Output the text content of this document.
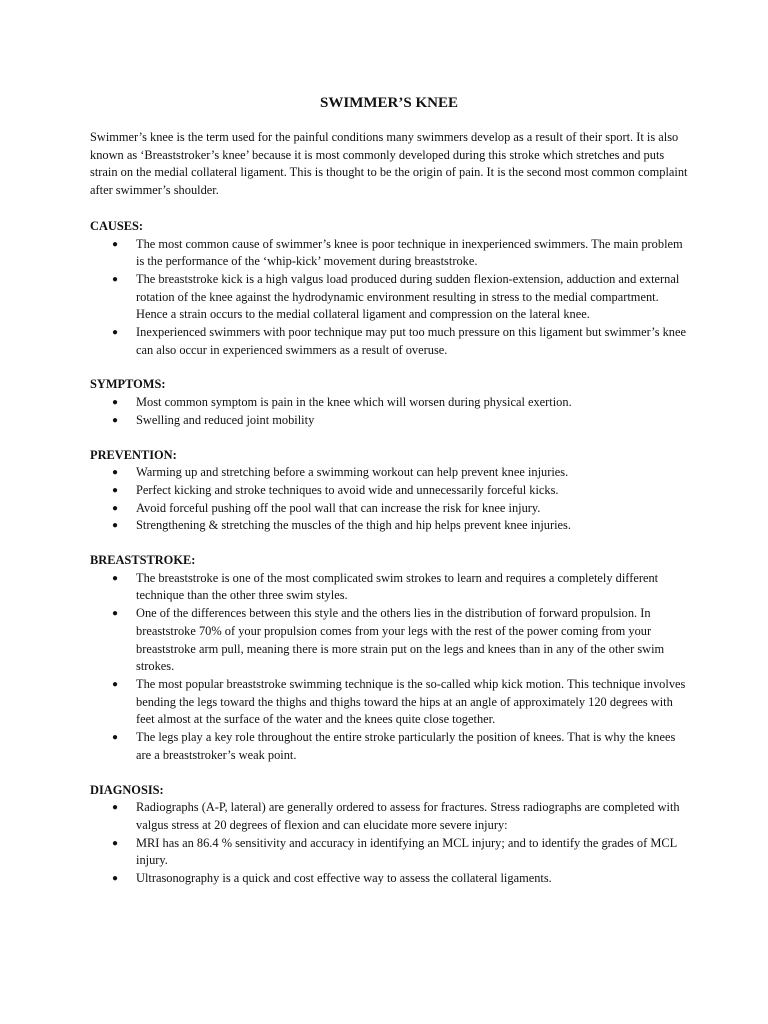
SWIMMER’S KNEE

Swimmer’s knee is the term used for the painful conditions many swimmers develop as a result of their sport. It is also known as ‘Breaststroker’s knee’ because it is most commonly developed during this stroke which stretches and puts strain on the medial collateral ligament. This is thought to be the origin of pain. It is the second most common complaint after swimmer’s shoulder.

CAUSES:

● The most common cause of swimmer’s knee is poor technique in inexperienced swimmers. The main problem is the performance of the ‘whip-kick’ movement during breaststroke.
● The breaststroke kick is a high valgus load produced during sudden flexion-extension, adduction and external rotation of the knee against the hydrodynamic environment resulting in stress to the medial compartment. Hence a strain occurs to the medial collateral ligament and compression on the lateral knee.
● Inexperienced swimmers with poor technique may put too much pressure on this ligament but swimmer’s knee can also occur in experienced swimmers as a result of overuse.

SYMPTOMS:

● Most common symptom is pain in the knee which will worsen during physical exertion.
● Swelling and reduced joint mobility

PREVENTION:

● Warming up and stretching before a swimming workout can help prevent knee injuries.
● Perfect kicking and stroke techniques to avoid wide and unnecessarily forceful kicks.
● Avoid forceful pushing off the pool wall that can increase the risk for knee injury.
● Strengthening & stretching the muscles of the thigh and hip helps prevent knee injuries.

BREASTSTROKE:

● The breaststroke is one of the most complicated swim strokes to learn and requires a completely different technique than the other three swim styles.
● One of the differences between this style and the others lies in the distribution of forward propulsion. In breaststroke 70% of your propulsion comes from your legs with the rest of the power coming from your breaststroke arm pull, meaning there is more strain put on the legs and knees than in any of the other swim strokes.
● The most popular breaststroke swimming technique is the so-called whip kick motion. This technique involves bending the legs toward the thighs and thighs toward the hips at an angle of approximately 120 degrees with feet almost at the surface of the water and the knees quite close together.
● The legs play a key role throughout the entire stroke particularly the position of knees. That is why the knees are a breaststroker’s weak point.

DIAGNOSIS:

● Radiographs (A-P, lateral) are generally ordered to assess for fractures. Stress radiographs are completed with valgus stress at 20 degrees of flexion and can elucidate more severe injury:
● MRI has an 86.4 % sensitivity and accuracy in identifying an MCL injury; and to identify the grades of MCL injury.
● Ultrasonography is a quick and cost effective way to assess the collateral ligaments.
